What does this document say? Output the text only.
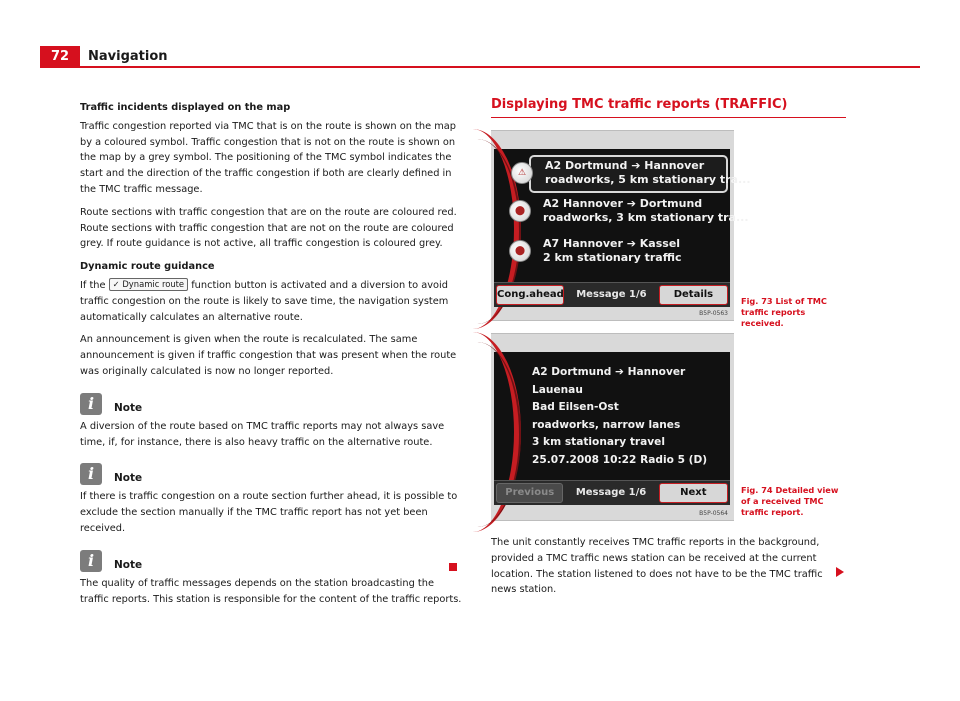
72	Navigation

Traffic incidents displayed on the map

Traffic congestion reported via TMC that is on the route is shown on the map by a coloured symbol. Traffic congestion that is not on the route is shown on the map by a grey symbol. The positioning of the TMC symbol indicates the start and the direction of the traffic congestion if both are clearly defined in the TMC traffic message.

Route sections with traffic congestion that are on the route are coloured red. Route sections with traffic congestion that are not on the route are coloured grey. If route guidance is not active, all traffic congestion is coloured grey.

Dynamic route guidance

If the ✓ Dynamic route function button is activated and a diversion to avoid traffic congestion on the route is likely to save time, the navigation system automatically calculates an alternative route.

An announcement is given when the route is recalculated. The same announcement is given if traffic congestion that was present when the route was originally calculated is now no longer reported.

i	Note

A diversion of the route based on TMC traffic reports may not always save time, if, for instance, there is also heavy traffic on the alternative route.

i	Note

If there is traffic congestion on a route section further ahead, it is possible to exclude the section manually if the TMC traffic report has not yet been received.

i	Note

The quality of traffic messages depends on the station broadcasting the traffic reports. This station is responsible for the content of the traffic reports.

Displaying TMC traffic reports (TRAFFIC)
⚠
A2 Dortmund ➔ Hannover
roadworks, 5 km stationary tra...
⬤
A2 Hannover ➔ Dortmund
roadworks, 3 km stationary tra...
⬤
A7 Hannover ➔ Kassel
2 km stationary traffic
Cong.ahead	Message 1/6	Details
B5P-0563
Fig. 73 List of TMC traffic reports received.
A2 Dortmund ➔ Hannover
Lauenau
Bad Eilsen-Ost
roadworks, narrow lanes
3 km stationary travel
25.07.2008 10:22 Radio 5 (D)
Previous	Message 1/6	Next
B5P-0564
Fig. 74 Detailed view of a received TMC traffic report.
The unit constantly receives TMC traffic reports in the background, provided a TMC traffic news station can be received at the current location. The station listened to does not have to be the TMC traffic news station.
